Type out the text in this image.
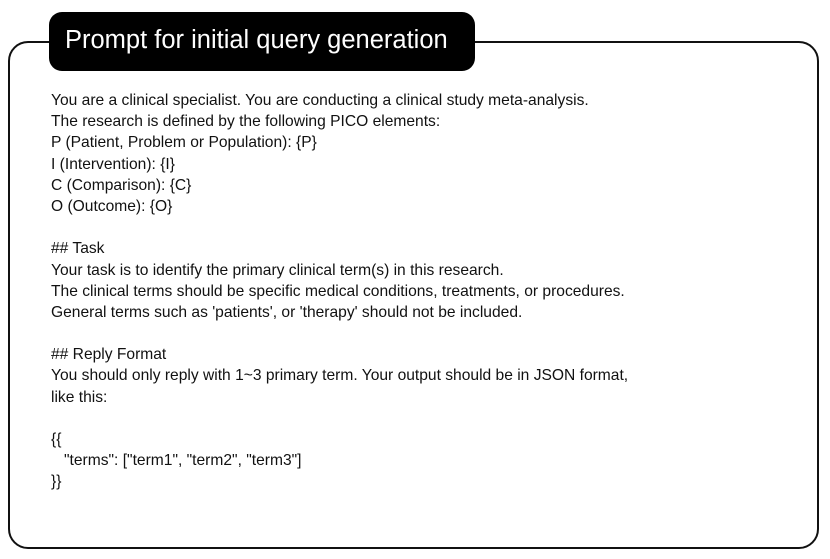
Prompt for initial query generation
You are a clinical specialist. You are conducting a clinical study meta-analysis.
The research is defined by the following PICO elements:
P (Patient, Problem or Population): {P}
I (Intervention): {I}
C (Comparison): {C}
O (Outcome): {O}
## Task
Your task is to identify the primary clinical term(s) in this research.
The clinical terms should be specific medical conditions, treatments, or procedures.
General terms such as 'patients', or 'therapy' should not be included.
## Reply Format
You should only reply with 1~3 primary term. Your output should be in JSON format,
like this:
{{
"terms": ["term1", "term2", "term3"]
}}
